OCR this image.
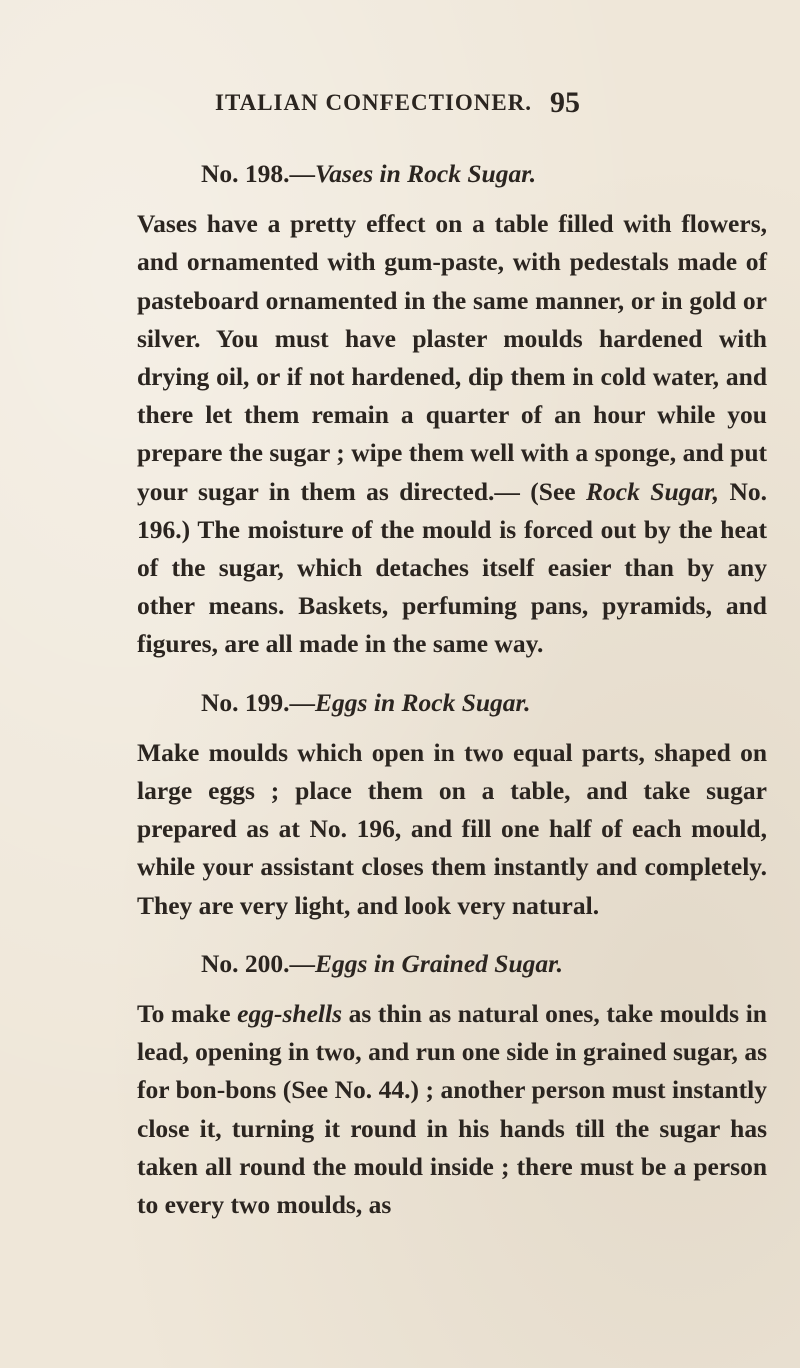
ITALIAN CONFECTIONER. 95

No. 198.—Vases in Rock Sugar.

Vases have a pretty effect on a table filled with flowers, and ornamented with gum-paste, with pedestals made of pasteboard ornamented in the same manner, or in gold or silver. You must have plaster moulds hardened with drying oil, or if not hardened, dip them in cold water, and there let them remain a quarter of an hour while you prepare the sugar ; wipe them well with a sponge, and put your sugar in them as directed.— (See Rock Sugar, No. 196.) The moisture of the mould is forced out by the heat of the sugar, which detaches itself easier than by any other means. Baskets, perfuming pans, pyramids, and figures, are all made in the same way.

No. 199.—Eggs in Rock Sugar.

Make moulds which open in two equal parts, shaped on large eggs ; place them on a table, and take sugar prepared as at No. 196, and fill one half of each mould, while your assistant closes them instantly and completely. They are very light, and look very natural.

No. 200.—Eggs in Grained Sugar.

To make egg-shells as thin as natural ones, take moulds in lead, opening in two, and run one side in grained sugar, as for bon-bons (See No. 44.) ; another person must instantly close it, turning it round in his hands till the sugar has taken all round the mould inside ; there must be a person to every two moulds, as
